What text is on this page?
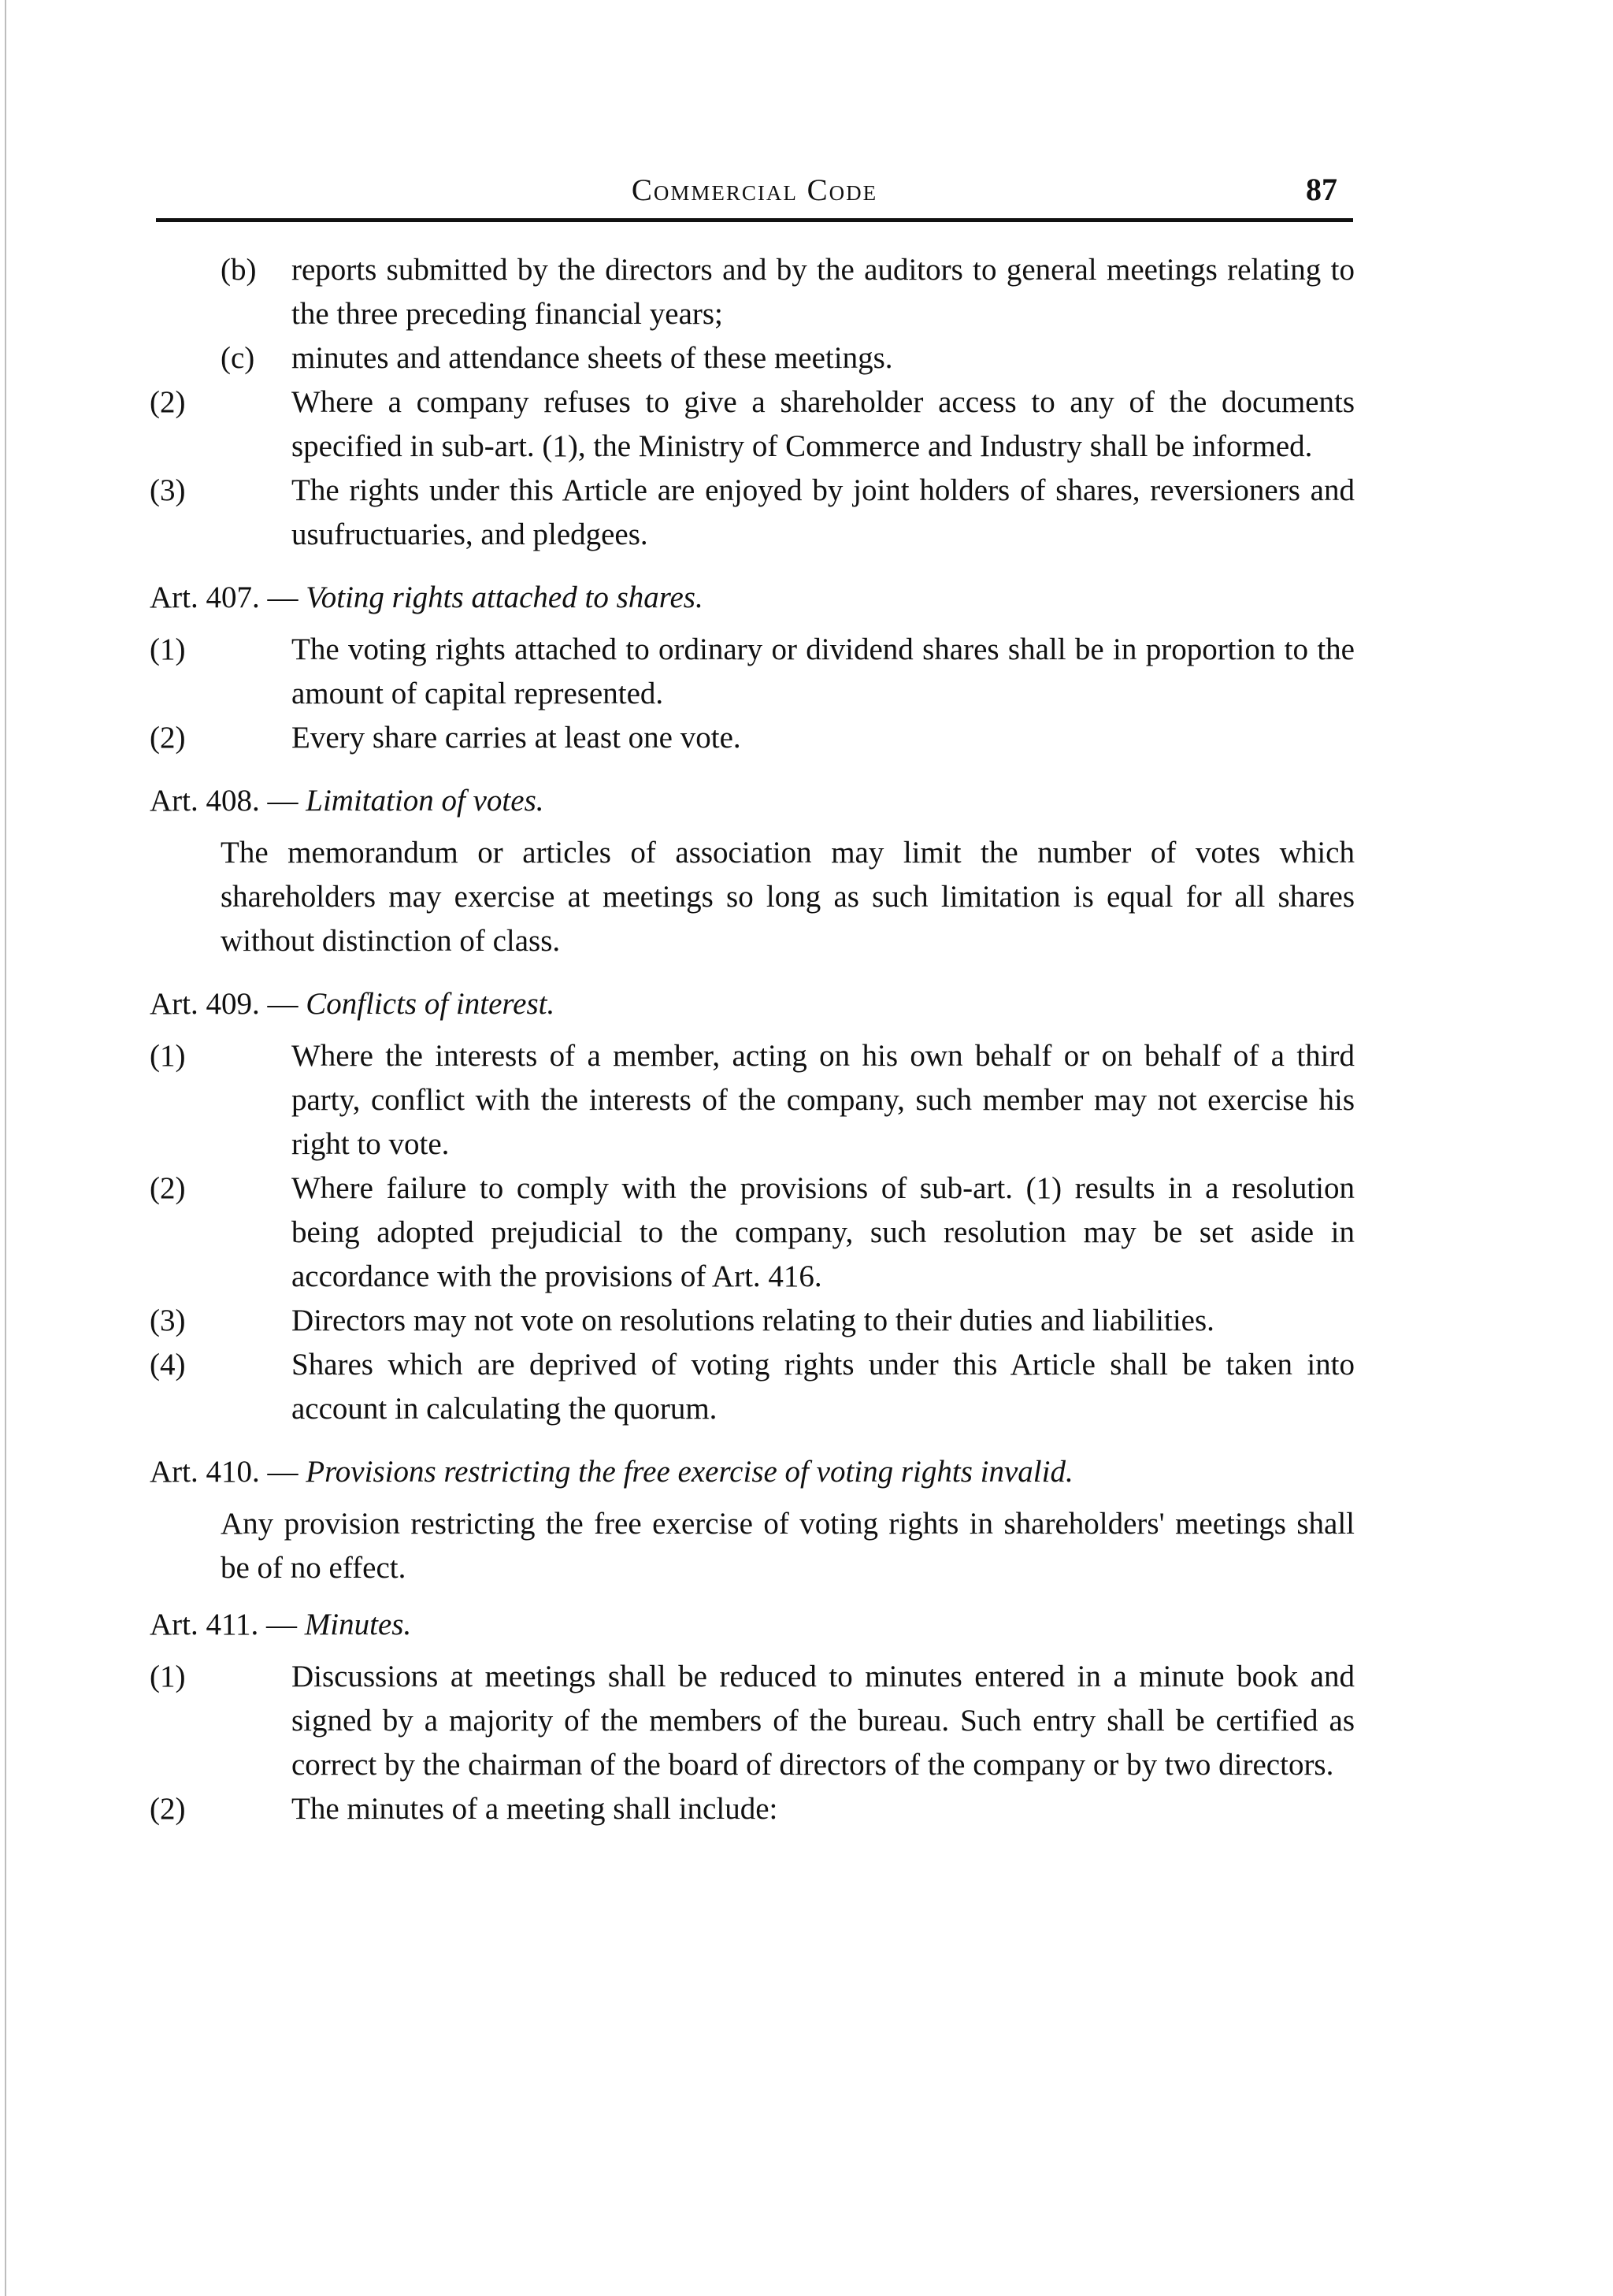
Commercial Code	87
(b) reports submitted by the directors and by the auditors to general meetings relating to the three preceding financial years;
(c) minutes and attendance sheets of these meetings.
(2)	Where a company refuses to give a shareholder access to any of the documents specified in sub-art. (1), the Ministry of Commerce and Industry shall be informed.
(3)	The rights under this Article are enjoyed by joint holders of shares, reversioners and usufructuaries, and pledgees.
Art. 407. — Voting rights attached to shares.
(1)	The voting rights attached to ordinary or dividend shares shall be in proportion to the amount of capital represented.
(2)	Every share carries at least one vote.
Art. 408. — Limitation of votes.
The memorandum or articles of association may limit the number of votes which shareholders may exercise at meetings so long as such limitation is equal for all shares without distinction of class.
Art. 409. — Conflicts of interest.
(1)	Where the interests of a member, acting on his own behalf or on behalf of a third party, conflict with the interests of the company, such member may not exercise his right to vote.
(2)	Where failure to comply with the provisions of sub-art. (1) results in a resolution being adopted prejudicial to the company, such resolution may be set aside in accordance with the provisions of Art. 416.
(3)	Directors may not vote on resolutions relating to their duties and liabilities.
(4)	Shares which are deprived of voting rights under this Article shall be taken into account in calculating the quorum.
Art. 410. — Provisions restricting the free exercise of voting rights invalid.
Any provision restricting the free exercise of voting rights in shareholders' meetings shall be of no effect.
Art. 411. — Minutes.
(1)	Discussions at meetings shall be reduced to minutes entered in a minute book and signed by a majority of the members of the bureau. Such entry shall be certified as correct by the chairman of the board of directors of the company or by two directors.
(2)	The minutes of a meeting shall include:
